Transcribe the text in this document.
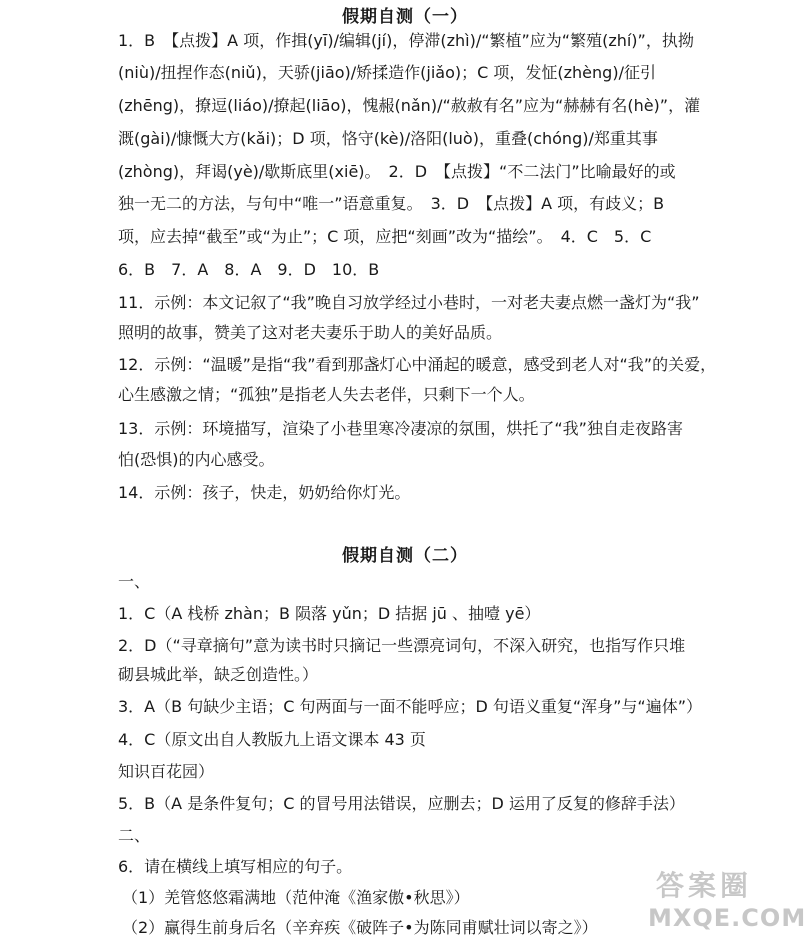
假期自测（一）
1．B　【点拨】A 项，作揖(yī)/编辑(jí)，停滞(zhì)/“繁植”应为“繁殖(zhí)”，执拗
(niù)/扭捏作态(niǔ)，天骄(jiāo)/矫揉造作(jiǎo)；C 项，发怔(zhèng)/征引
(zhēng)，撩逗(liáo)/撩起(liāo)，愧赧(nǎn)/“赦赦有名”应为“赫赫有名(hè)”，灌
溉(gài)/慷慨大方(kǎi)；D 项，恪守(kè)/洛阳(luò)，重叠(chóng)/郑重其事
(zhòng)，拜谒(yè)/歇斯底里(xiē)。　2．D　【点拨】“不二法门”比喻最好的或
独一无二的方法，与句中“唯一”语意重复。　3．D　【点拨】A 项，有歧义；B
项，应去掉“截至”或“为止”；C 项，应把“刻画”改为“描绘”。　4．C　5．C
6．B　7．A　8．A　9．D　10．B
11．示例：本文记叙了“我”晚自习放学经过小巷时，一对老夫妻点燃一盏灯为“我”
照明的故事，赞美了这对老夫妻乐于助人的美好品质。
12．示例：“温暖”是指“我”看到那盏灯心中涌起的暖意，感受到老人对“我”的关爱，
心生感激之情；“孤独”是指老人失去老伴，只剩下一个人。
13．示例：环境描写，渲染了小巷里寒冷凄凉的氛围，烘托了“我”独自走夜路害
怕(恐惧)的内心感受。
14．示例：孩子，快走，奶奶给你灯光。
假期自测（二）
一、
1．C（A 栈桥 zhàn；B 陨落 yǔn；D 拮据 jū 、抽噎 yē）
2．D（“寻章摘句”意为读书时只摘记一些漂亮词句，不深入研究，也指写作只堆
砌县城此举，缺乏创造性。）
3．A（B 句缺少主语；C 句两面与一面不能呼应；D 句语义重复“浑身”与“遍体”）
4．C（原文出自人教版九上语文课本 43 页
知识百花园）
5．B（A 是条件复句；C 的冒号用法错误，应删去；D 运用了反复的修辞手法）
二、
6．请在横线上填写相应的句子。
（1）羌管悠悠霜满地（范仲淹《渔家傲•秋思》）
（2）赢得生前身后名（辛弃疾《破阵子•为陈同甫赋壮词以寄之》）
答案圈
MXQE.COM
